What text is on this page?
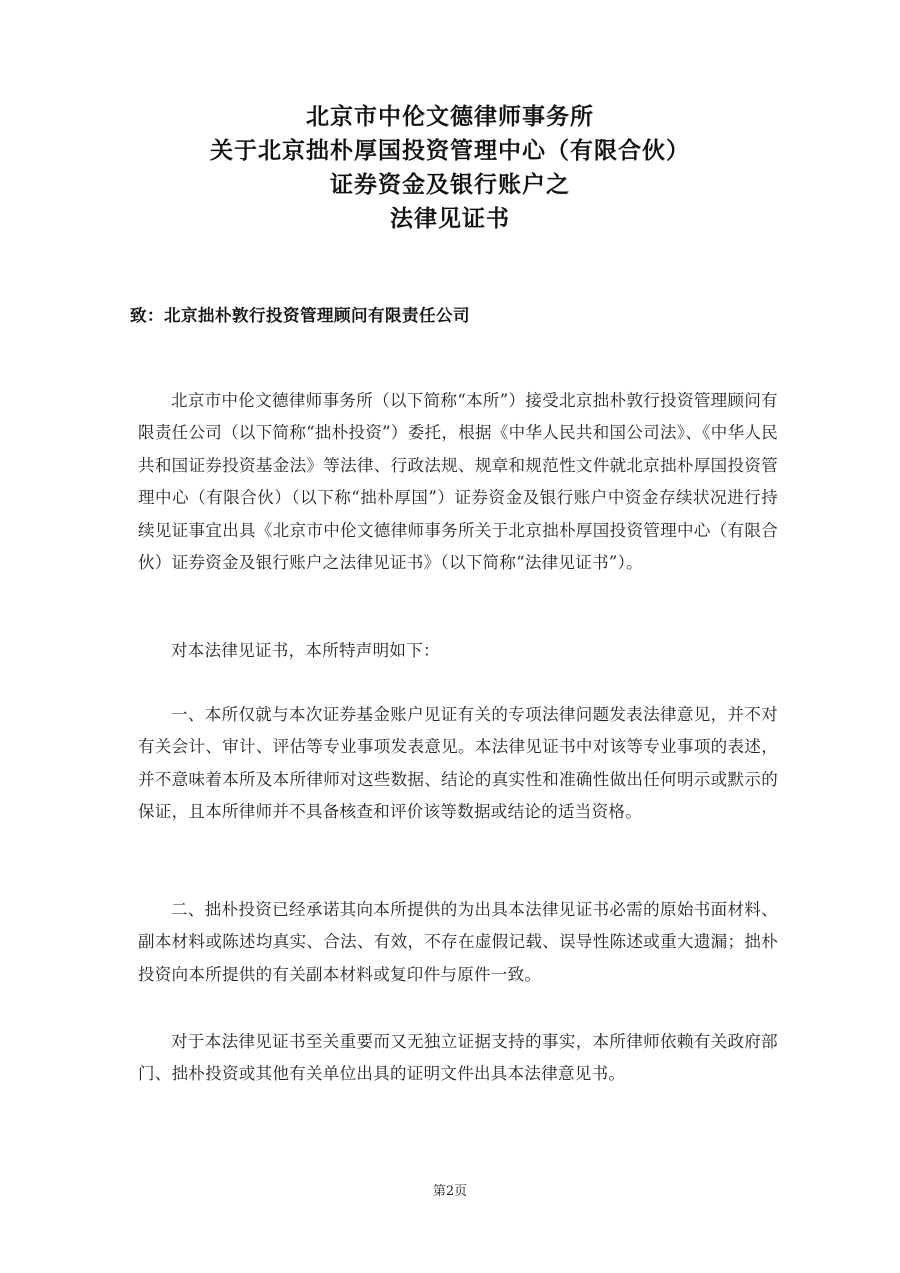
北京市中伦文德律师事务所
关于北京拙朴厚国投资管理中心（有限合伙）
证券资金及银行账户之
法律见证书
致：北京拙朴敦行投资管理顾问有限责任公司

北京市中伦文德律师事务所（以下简称“本所”）接受北京拙朴敦行投资管理顾问有限责任公司（以下简称“拙朴投资”）委托，根据《中华人民共和国公司法》、《中华人民共和国证券投资基金法》等法律、行政法规、规章和规范性文件就北京拙朴厚国投资管理中心（有限合伙）（以下称“拙朴厚国”）证券资金及银行账户中资金存续状况进行持续见证事宜出具《北京市中伦文德律师事务所关于北京拙朴厚国投资管理中心（有限合伙）证券资金及银行账户之法律见证书》（以下简称“法律见证书”）。

对本法律见证书，本所特声明如下：

一、本所仅就与本次证券基金账户见证有关的专项法律问题发表法律意见，并不对有关会计、审计、评估等专业事项发表意见。本法律见证书中对该等专业事项的表述，并不意味着本所及本所律师对这些数据、结论的真实性和准确性做出任何明示或默示的保证，且本所律师并不具备核查和评价该等数据或结论的适当资格。

二、拙朴投资已经承诺其向本所提供的为出具本法律见证书必需的原始书面材料、副本材料或陈述均真实、合法、有效，不存在虚假记载、误导性陈述或重大遗漏；拙朴投资向本所提供的有关副本材料或复印件与原件一致。

对于本法律见证书至关重要而又无独立证据支持的事实，本所律师依赖有关政府部门、拙朴投资或其他有关单位出具的证明文件出具本法律意见书。

第2页
